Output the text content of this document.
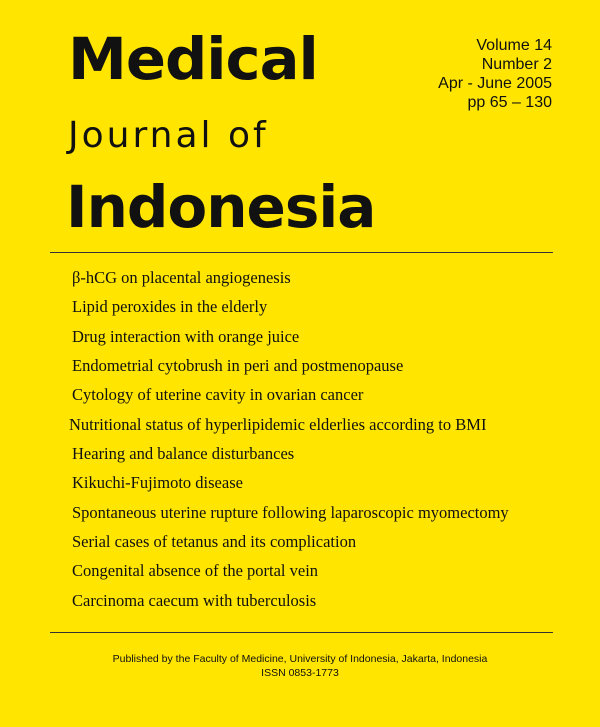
Medical
Journal of
Indonesia
Volume 14
Number 2
Apr - June 2005
pp 65 – 130
β-hCG on placental angiogenesis
Lipid peroxides in the elderly
Drug interaction with orange juice
Endometrial cytobrush in peri and postmenopause
Cytology of uterine cavity in ovarian cancer
Nutritional status of hyperlipidemic elderlies according to BMI
Hearing and balance disturbances
Kikuchi-Fujimoto disease
Spontaneous uterine rupture following laparoscopic myomectomy
Serial cases of tetanus and its complication
Congenital absence of the portal vein
Carcinoma caecum with tuberculosis
Published by the Faculty of Medicine, University of Indonesia, Jakarta, Indonesia
ISSN 0853-1773
